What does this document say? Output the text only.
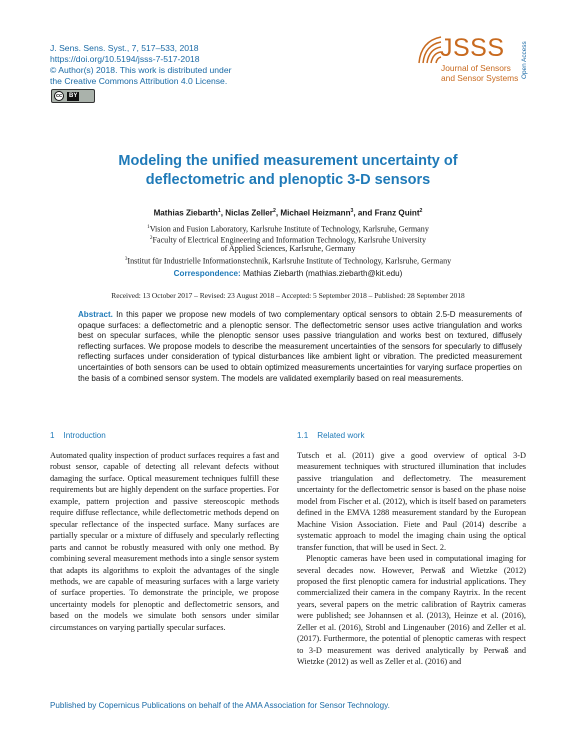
J. Sens. Sens. Syst., 7, 517–533, 2018
https://doi.org/10.5194/jsss-7-517-2018
© Author(s) 2018. This work is distributed under
the Creative Commons Attribution 4.0 License.
cc	BY
JSSS
Journal of Sensors
and Sensor Systems Open Access
Modeling the unified measurement uncertainty of
deflectometric and plenoptic 3-D sensors
Mathias Ziebarth$^1$, Niclas Zeller$^2$, Michael Heizmann$^3$, and Franz Quint$^2$
$^1$Vision and Fusion Laboratory, Karlsruhe Institute of Technology, Karlsruhe, Germany
$^2$Faculty of Electrical Engineering and Information Technology, Karlsruhe University
of Applied Sciences, Karlsruhe, Germany
$^3$Institut für Industrielle Informationstechnik, Karlsruhe Institute of Technology, Karlsruhe, Germany
Correspondence: Mathias Ziebarth (mathias.ziebarth@kit.edu)
Received: 13 October 2017 – Revised: 23 August 2018 – Accepted: 5 September 2018 – Published: 28 September 2018
Abstract. In this paper we propose new models of two complementary optical sensors to obtain 2.5-D measurements of opaque surfaces: a deflectometric and a plenoptic sensor. The deflectometric sensor uses active triangulation and works best on specular surfaces, while the plenoptic sensor uses passive triangulation and works best on textured, diffusely reflecting surfaces. We propose models to describe the measurement uncertainties of the sensors for specularly to diffusely reflecting surfaces under consideration of typical disturbances like ambient light or vibration. The predicted measurement uncertainties of both sensors can be used to obtain optimized measurements uncertainties for varying surface properties on the basis of a combined sensor system. The models are validated exemplarily based on real measurements.
1 Introduction	1.1 Related work

Automated quality inspection of product surfaces requires a fast and robust sensor, capable of detecting all relevant defects without damaging the surface. Optical measurement techniques fulfill these requirements but are highly dependent on the surface properties. For example, pattern projection and passive stereoscopic methods require diffuse reflectance, while deflectometric methods depend on specular reflectance of the inspected surface. Many surfaces are partially specular or a mixture of diffusely and specularly reflecting parts and cannot be robustly measured with only one method. By combining several measurement methods into a single sensor system that adapts its algorithms to exploit the advantages of the single methods, we are capable of measuring surfaces with a large variety of surface properties. To demonstrate the principle, we propose uncertainty models for plenoptic and deflectometric sensors, and based on the models we simulate both sensors under similar circumstances on varying partially specular surfaces.

Tutsch et al. (2011) give a good overview of optical 3-D measurement techniques with structured illumination that includes passive triangulation and deflectometry. The measurement uncertainty for the deflectometric sensor is based on the phase noise model from Fischer et al. (2012), which is itself based on parameters defined in the EMVA 1288 measurement standard by the European Machine Vision Association. Fiete and Paul (2014) describe a systematic approach to model the imaging chain using the optical transfer function, that will be used in Sect. 2.

Plenoptic cameras have been used in computational imaging for several decades now. However, Perwaß and Wietzke (2012) proposed the first plenoptic camera for industrial applications. They commercialized their camera in the company Raytrix. In the recent years, several papers on the metric calibration of Raytrix cameras were published; see Johannsen et al. (2013), Heinze et al. (2016), Zeller et al. (2016), Strobl and Lingenauber (2016) and Zeller et al. (2017). Furthermore, the potential of plenoptic cameras with respect to 3-D measurement was derived analytically by Perwaß and Wietzke (2012) as well as Zeller et al. (2016) and

Published by Copernicus Publications on behalf of the AMA Association for Sensor Technology.
